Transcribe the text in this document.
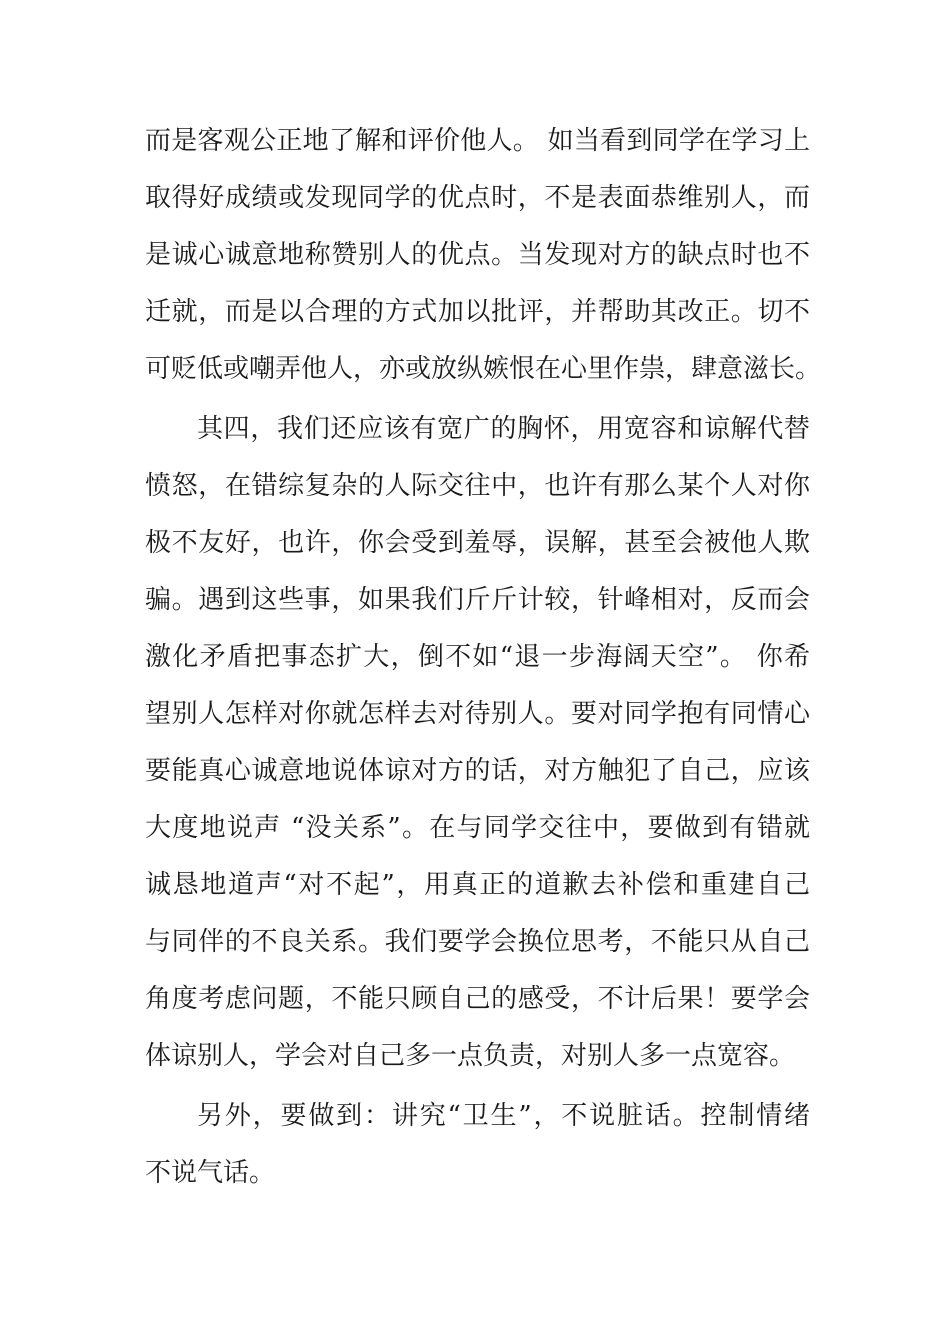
而是客观公正地了解和评价他人。 如当看到同学在学习上
取得好成绩或发现同学的优点时，不是表面恭维别人，而
是诚心诚意地称赞别人的优点。当发现对方的缺点时也不
迁就，而是以合理的方式加以批评，并帮助其改正。切不
可贬低或嘲弄他人，亦或放纵嫉恨在心里作祟，肆意滋长。
其四，我们还应该有宽广的胸怀，用宽容和谅解代替
愤怒，在错综复杂的人际交往中，也许有那么某个人对你
极不友好，也许，你会受到羞辱，误解，甚至会被他人欺
骗。遇到这些事，如果我们斤斤计较，针峰相对，反而会
激化矛盾把事态扩大，倒不如“退一步海阔天空”。 你希
望别人怎样对你就怎样去对待别人。要对同学抱有同情心
要能真心诚意地说体谅对方的话，对方触犯了自己，应该
大度地说声 “没关系”。在与同学交往中，要做到有错就
诚恳地道声“对不起”，用真正的道歉去补偿和重建自己
与同伴的不良关系。我们要学会换位思考，不能只从自己
角度考虑问题，不能只顾自己的感受，不计后果！要学会
体谅别人，学会对自己多一点负责，对别人多一点宽容。
另外，要做到：讲究“卫生”，不说脏话。控制情绪
不说气话。
